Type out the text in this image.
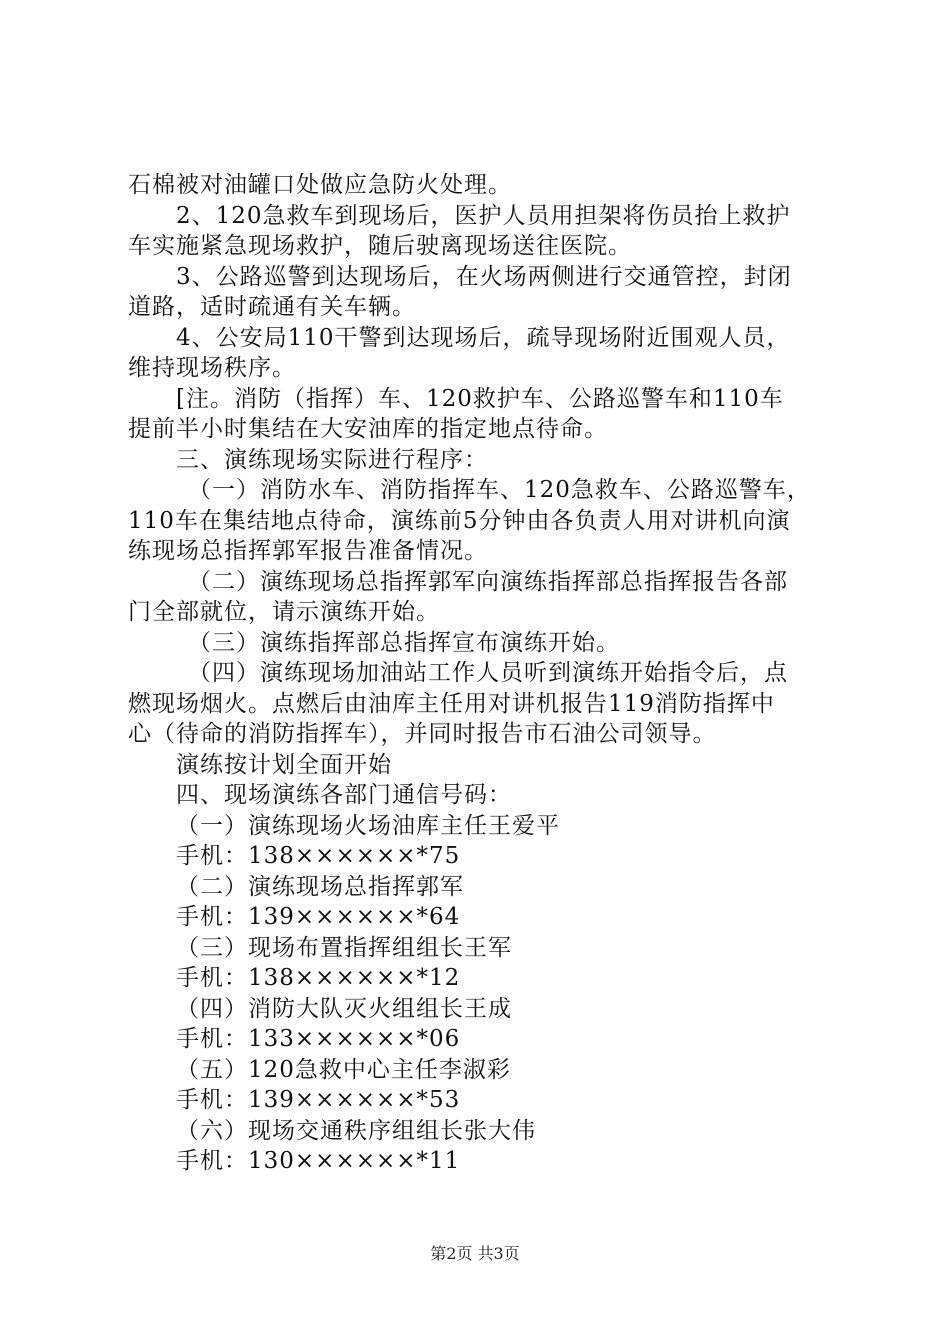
石棉被对油罐口处做应急防火处理。
2、120急救车到现场后，医护人员用担架将伤员抬上救护
车实施紧急现场救护，随后驶离现场送往医院。
3、公路巡警到达现场后，在火场两侧进行交通管控，封闭
道路，适时疏通有关车辆。
4、公安局110干警到达现场后，疏导现场附近围观人员，
维持现场秩序。
[注。消防（指挥）车、120救护车、公路巡警车和110车
提前半小时集结在大安油库的指定地点待命。
三、演练现场实际进行程序：
（一）消防水车、消防指挥车、120急救车、公路巡警车，
110车在集结地点待命，演练前5分钟由各负责人用对讲机向演
练现场总指挥郭军报告准备情况。
（二）演练现场总指挥郭军向演练指挥部总指挥报告各部
门全部就位，请示演练开始。
（三）演练指挥部总指挥宣布演练开始。
（四）演练现场加油站工作人员听到演练开始指令后，点
燃现场烟火。点燃后由油库主任用对讲机报告119消防指挥中
心（待命的消防指挥车），并同时报告市石油公司领导。
演练按计划全面开始
四、现场演练各部门通信号码：
（一）演练现场火场油库主任王爱平
手机：138××××××*75
（二）演练现场总指挥郭军
手机：139××××××*64
（三）现场布置指挥组组长王军
手机：138××××××*12
（四）消防大队灭火组组长王成
手机：133××××××*06
（五）120急救中心主任李淑彩
手机：139××××××*53
（六）现场交通秩序组组长张大伟
手机：130××××××*11
第2页 共3页
